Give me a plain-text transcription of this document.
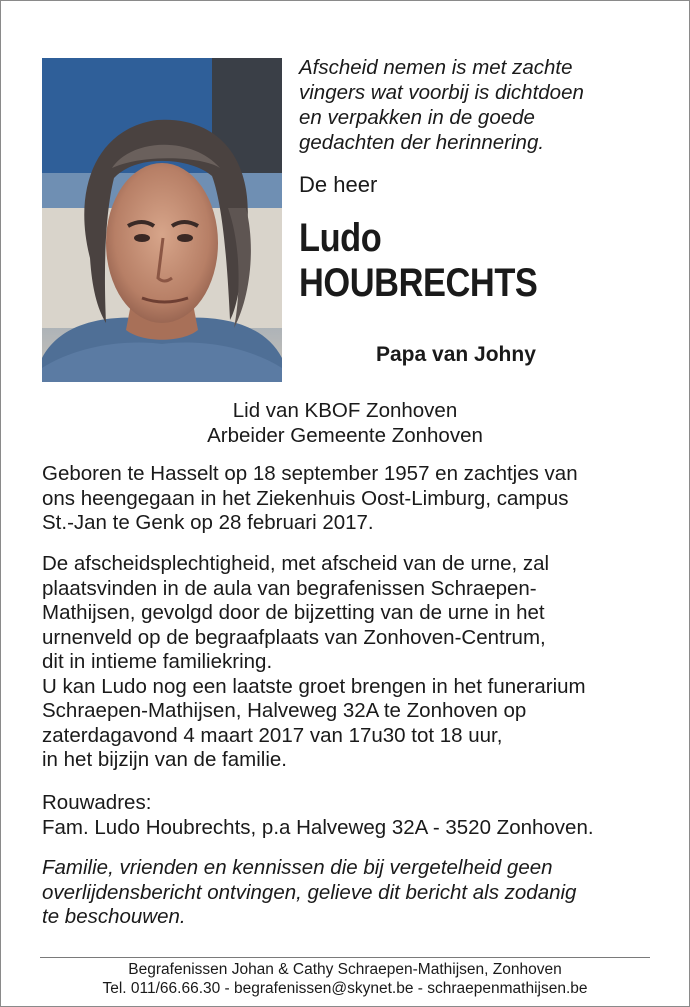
Afscheid nemen is met zachte
vingers wat voorbij is dichtdoen
en verpakken in de goede
gedachten der herinnering.
De heer
Ludo
HOUBRECHTS
Papa van Johny
Lid van KBOF Zonhoven
Arbeider Gemeente Zonhoven
Geboren te Hasselt op 18 september 1957 en zachtjes van
ons heengegaan in het Ziekenhuis Oost-Limburg, campus
St.-Jan te Genk op 28 februari 2017.
De afscheidsplechtigheid, met afscheid van de urne, zal
plaatsvinden in de aula van begrafenissen Schraepen-
Mathijsen, gevolgd door de bijzetting van de urne in het
urnenveld op de begraafplaats van Zonhoven-Centrum,
dit in intieme familiekring.
U kan Ludo nog een laatste groet brengen in het funerarium
Schraepen-Mathijsen, Halveweg 32A te Zonhoven op
zaterdagavond 4 maart 2017 van 17u30 tot 18 uur,
in het bijzijn van de familie.
Rouwadres:
Fam. Ludo Houbrechts, p.a Halveweg 32A - 3520 Zonhoven.
Familie, vrienden en kennissen die bij vergetelheid geen
overlijdensbericht ontvingen, gelieve dit bericht als zodanig
te beschouwen.
Begrafenissen Johan & Cathy Schraepen-Mathijsen, Zonhoven
Tel. 011/66.66.30 - begrafenissen@skynet.be - schraepenmathijsen.be
